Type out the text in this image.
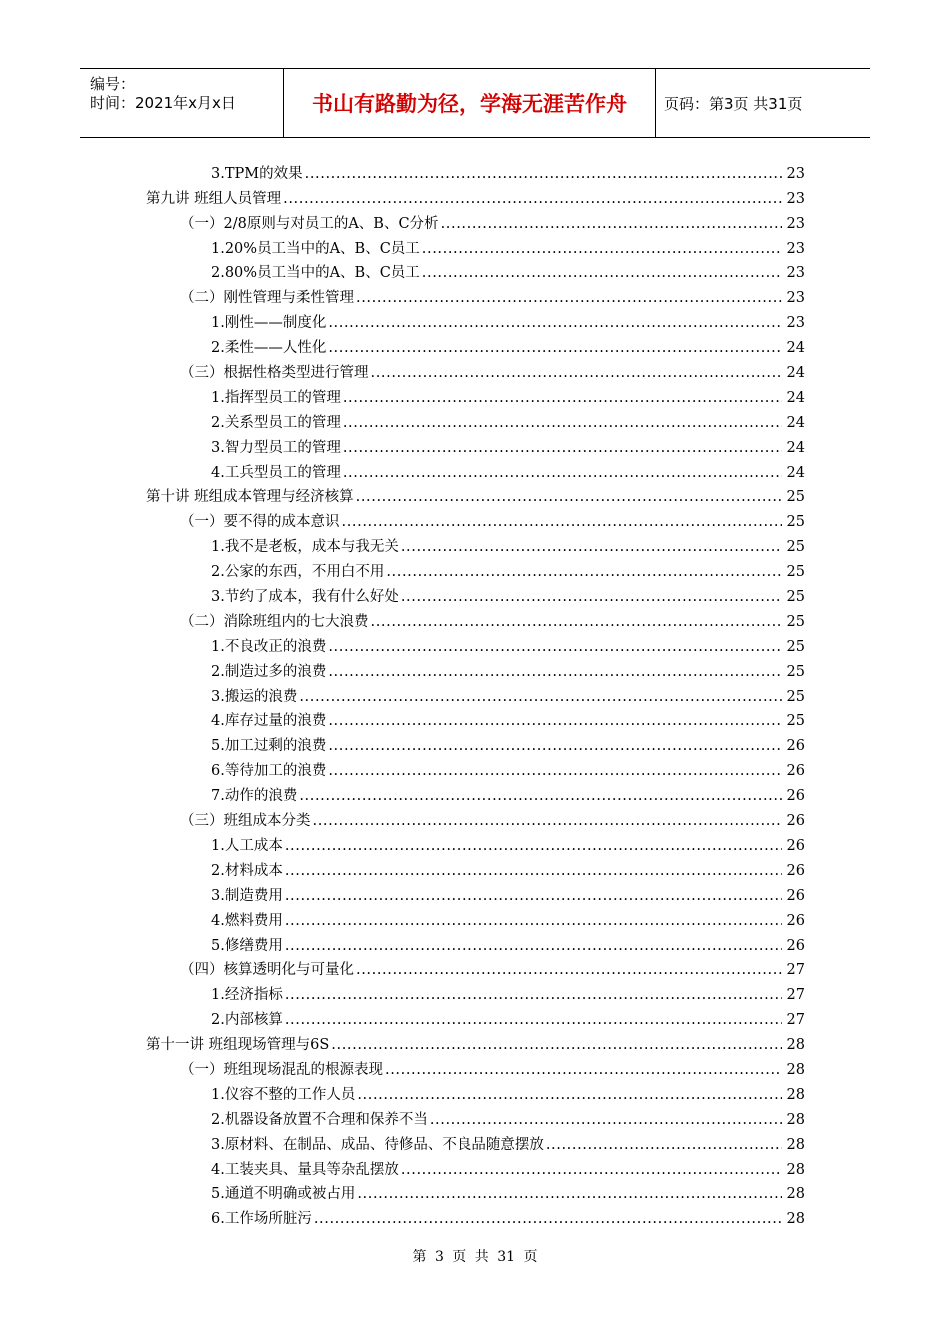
编号：
时间：2021年x月x日	书山有路勤为径，学海无涯苦作舟	页码：第3页 共31页
3.TPM的效果 .....	23
第九讲 班组人员管理 .....	23
（一）2/8原则与对员工的A、B、C分析 .....	23
1.20%员工当中的A、B、C员工 .....	23
2.80%员工当中的A、B、C员工 .....	23
（二）刚性管理与柔性管理 .....	23
1.刚性——制度化 .....	23
2.柔性——人性化 .....	24
（三）根据性格类型进行管理 .....	24
1.指挥型员工的管理 .....	24
2.关系型员工的管理 .....	24
3.智力型员工的管理 .....	24
4.工兵型员工的管理 .....	24
第十讲 班组成本管理与经济核算 .....	25
（一）要不得的成本意识 .....	25
1.我不是老板，成本与我无关 .....	25
2.公家的东西，不用白不用 .....	25
3.节约了成本，我有什么好处 .....	25
（二）消除班组内的七大浪费 .....	25
1.不良改正的浪费 .....	25
2.制造过多的浪费 .....	25
3.搬运的浪费 .....	25
4.库存过量的浪费 .....	25
5.加工过剩的浪费 .....	26
6.等待加工的浪费 .....	26
7.动作的浪费 .....	26
（三）班组成本分类 .....	26
1.人工成本 .....	26
2.材料成本 .....	26
3.制造费用 .....	26
4.燃料费用 .....	26
5.修缮费用 .....	26
（四）核算透明化与可量化 .....	27
1.经济指标 .....	27
2.内部核算 .....	27
第十一讲 班组现场管理与6S .....	28
（一）班组现场混乱的根源表现 .....	28
1.仪容不整的工作人员 .....	28
2.机器设备放置不合理和保养不当 .....	28
3.原材料、在制品、成品、待修品、不良品随意摆放 .....	28
4.工装夹具、量具等杂乱摆放 .....	28
5.通道不明确或被占用 .....	28
6.工作场所脏污 .....	28
第 3 页 共 31 页
